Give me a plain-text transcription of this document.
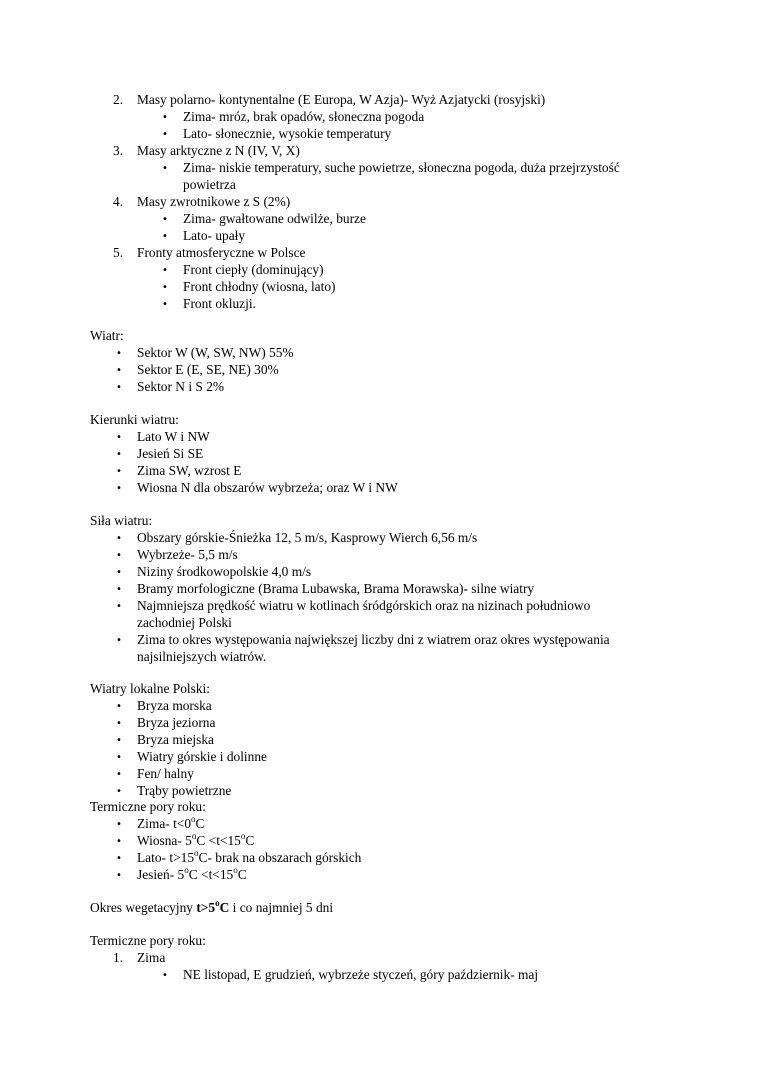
2. Masy polarno- kontynentalne (E Europa, W Azja)- Wyż Azjatycki (rosyjski)
• Zima- mróz, brak opadów, słoneczna pogoda
• Lato- słonecznie, wysokie temperatury
3. Masy arktyczne z N (IV, V, X)
• Zima- niskie temperatury, suche powietrze, słoneczna pogoda, duża przejrzystość
powietrza
4. Masy zwrotnikowe z S (2%)
• Zima- gwałtowane odwilże, burze
• Lato- upały
5. Fronty atmosferyczne w Polsce
• Front ciepły (dominujący)
• Front chłodny (wiosna, lato)
• Front okluzji.
Wiatr:
• Sektor W (W, SW, NW) 55%
• Sektor E (E, SE, NE) 30%
• Sektor N i S 2%
Kierunki wiatru:
• Lato W i NW
• Jesień Si SE
• Zima SW, wzrost E
• Wiosna N dla obszarów wybrzeża; oraz W i NW
Siła wiatru:
• Obszary górskie-Śnieżka 12, 5 m/s, Kasprowy Wierch 6,56 m/s
• Wybrzeże- 5,5 m/s
• Niziny środkowopolskie 4,0 m/s
• Bramy morfologiczne (Brama Lubawska, Brama Morawska)- silne wiatry
• Najmniejsza prędkość wiatru w kotlinach śródgórskich oraz na nizinach południowo
zachodniej Polski
• Zima to okres występowania największej liczby dni z wiatrem oraz okres występowania
najsilniejszych wiatrów.
Wiatry lokalne Polski:
• Bryza morska
• Bryza jeziorna
• Bryza miejska
• Wiatry górskie i dolinne
• Fen/ halny
• Trąby powietrzne
Termiczne pory roku:
• Zima- $t<0^oC$
• Wiosna- $5^oC <t<15^oC$
• Lato- $t>15^oC-$ brak na obszarach górskich
• Jesień- $5^oC <t<15^oC$
Okres wegetacyjny $t>5^oC$ i co najmniej 5 dni
Termiczne pory roku:
1. Zima
• NE listopad, E grudzień, wybrzeże styczeń, góry październik- maj
